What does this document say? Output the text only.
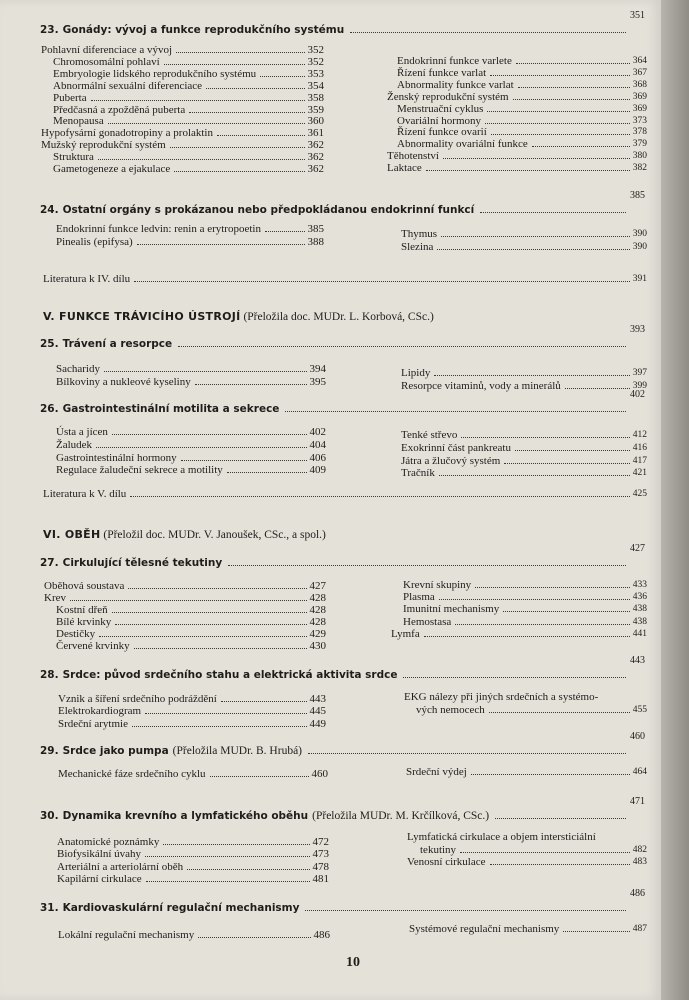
23. Gonády: vývoj a funkce reprodukčního systému
351
Pohlavní diferenciace a vývoj	352
Chromosomální pohlaví	352
Embryologie lidského reprodukčního systému	353
Abnormální sexuální diferenciace	354
Puberta	358
Předčasná a zpožděná puberta	359
Menopausa	360
Hypofysární gonadotropiny a prolaktin	361
Mužský reprodukční systém	362
Struktura	362
Gametogeneze a ejakulace	362
Endokrinní funkce varlete	364
Řízení funkce varlat	367
Abnormality funkce varlat	368
Ženský reprodukční systém	369
Menstruační cyklus	369
Ovariální hormony	373
Řízení funkce ovarií	378
Abnormality ovariální funkce	379
Těhotenství	380
Laktace	382
24. Ostatní orgány s prokázanou nebo předpokládanou endokrinní funkcí
385
Endokrinní funkce ledvin: renin a erytropoetin	385
Pinealis (epifysa)	388
Thymus	390
Slezina	390
Literatura k IV. dílu	391
V. FUNKCE TRÁVICÍHO ÚSTROJÍ (Přeložila doc. MUDr. L. Korbová, CSc.)
25. Trávení a resorpce
393
Sacharidy	394
Bílkoviny a nukleové kyseliny	395
Lipidy	397
Resorpce vitaminů, vody a minerálů	399
26. Gastrointestinální motilita a sekrece
402
Ústa a jícen	402
Žaludek	404
Gastrointestinální hormony	406
Regulace žaludeční sekrece a motility	409
Tenké střevo	412
Exokrinní část pankreatu	416
Játra a žlučový systém	417
Tračník	421
Literatura k V. dílu	425
VI. OBĚH (Přeložil doc. MUDr. V. Janoušek, CSc., a spol.)
27. Cirkulující tělesné tekutiny
427
Oběhová soustava	427
Krev	428
Kostní dřeň	428
Bílé krvinky	428
Destičky	429
Červené krvinky	430
Krevní skupiny	433
Plasma	436
Imunitní mechanismy	438
Hemostasa	438
Lymfa	441
28. Srdce: původ srdečního stahu a elektrická aktivita srdce
443
Vznik a šíření srdečního podráždění	443
Elektrokardiogram	445
Srdeční arytmie	449
EKG nálezy při jiných srdečních a systémo-
vých nemocech	455
29. Srdce jako pumpa (Přeložila MUDr. B. Hrubá)
460
Mechanické fáze srdečního cyklu	460	Srdeční výdej	464
30. Dynamika krevního a lymfatického oběhu (Přeložila MUDr. M. Krčílková, CSc.)
471
Anatomické poznámky	472
Biofysikální úvahy	473
Arteriální a arteriolární oběh	478
Kapilární cirkulace	481
Lymfatická cirkulace a objem intersticiální
tekutiny	482
Venosní cirkulace	483
31. Kardiovaskulární regulační mechanismy
486
Lokální regulační mechanismy	486	Systémové regulační mechanismy	487
10
